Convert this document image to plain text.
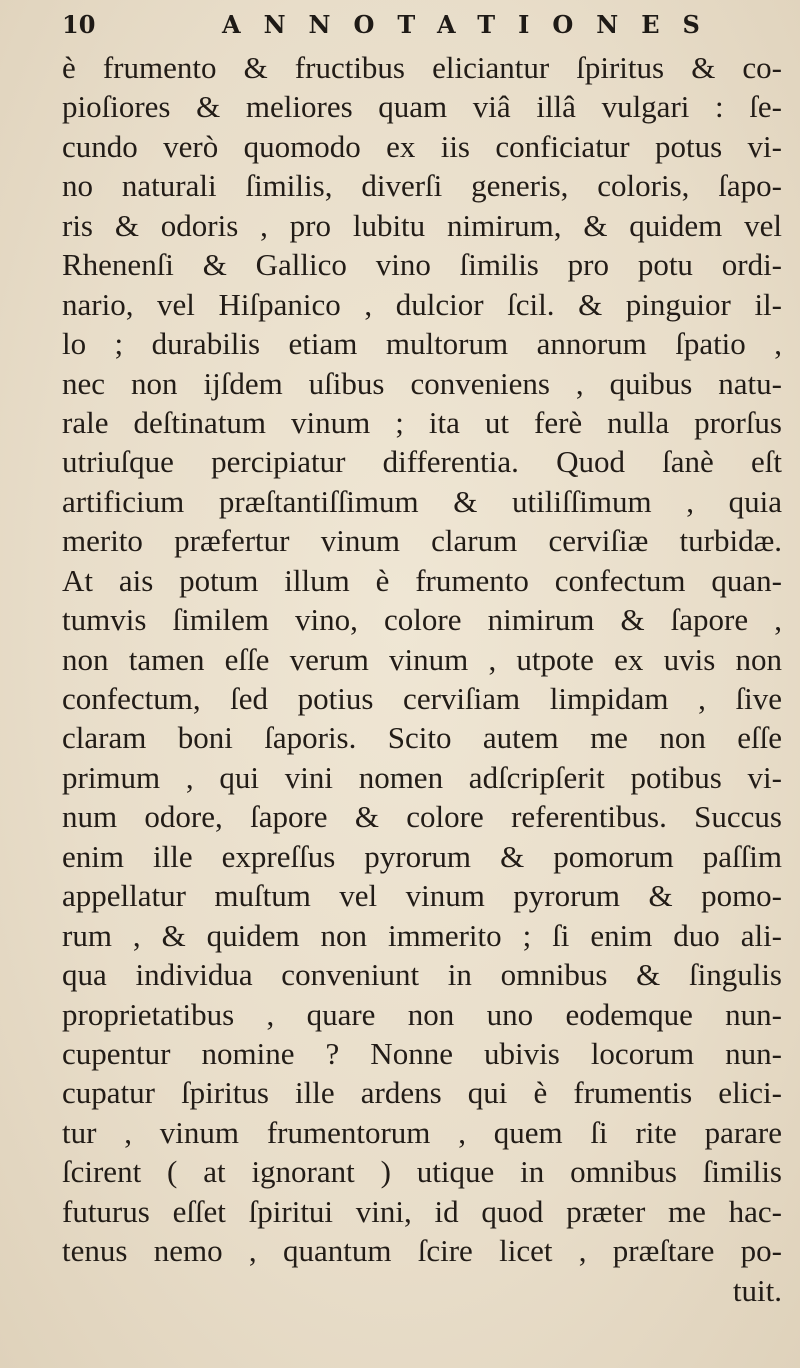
10	ANNOTATIONES
è frumento & fructibus eliciantur ſpiritus & co-
pioſiores & meliores quam viâ illâ vulgari : ſe-
cundo verò quomodo ex iis conficiatur potus vi-
no naturali ſimilis, diverſi generis, coloris, ſapo-
ris & odoris , pro lubitu nimirum, & quidem vel
Rhenenſi & Gallico vino ſimilis pro potu ordi-
nario, vel Hiſpanico , dulcior ſcil. & pinguior il-
lo ; durabilis etiam multorum annorum ſpatio ,
nec non ijſdem uſibus conveniens , quibus natu-
rale deſtinatum vinum ; ita ut ferè nulla prorſus
utriuſque percipiatur differentia. Quod ſanè eſt
artificium præſtantiſſimum & utiliſſimum , quia
merito præfertur vinum clarum cerviſiæ turbidæ.
At ais potum illum è frumento confectum quan-
tumvis ſimilem vino, colore nimirum & ſapore ,
non tamen eſſe verum vinum , utpote ex uvis non
confectum, ſed potius cerviſiam limpidam , ſive
claram boni ſaporis. Scito autem me non eſſe
primum , qui vini nomen adſcripſerit potibus vi-
num odore, ſapore & colore referentibus. Succus
enim ille expreſſus pyrorum & pomorum paſſim
appellatur muſtum vel vinum pyrorum & pomo-
rum , & quidem non immerito ; ſi enim duo ali-
qua individua conveniunt in omnibus & ſingulis
proprietatibus , quare non uno eodemque nun-
cupentur nomine ? Nonne ubivis locorum nun-
cupatur ſpiritus ille ardens qui è frumentis elici-
tur , vinum frumentorum , quem ſi rite parare
ſcirent ( at ignorant ) utique in omnibus ſimilis
futurus eſſet ſpiritui vini, id quod præter me hac-
tenus nemo , quantum ſcire licet , præſtare po-
tuit.
